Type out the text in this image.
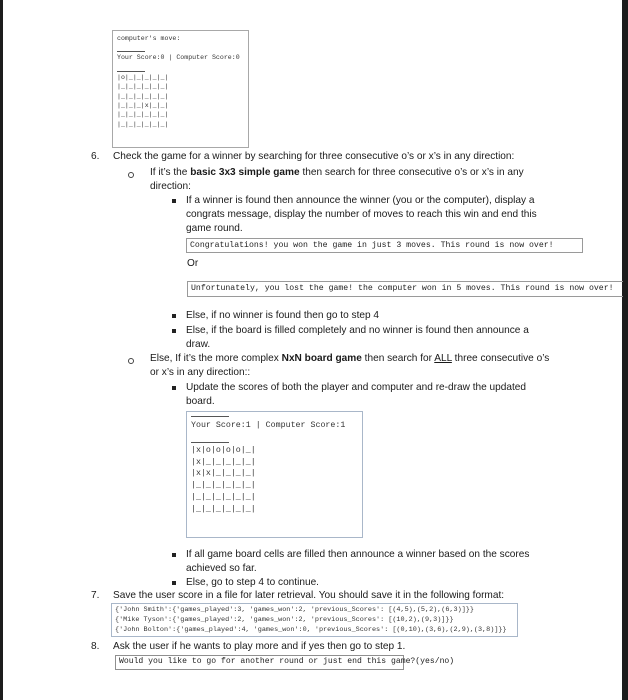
computer's move:
Your Score:0 | Computer Score:0
|o|_|_|_|_|_|
|_|_|_|_|_|_|
|_|_|_|_|_|_|
|_|_|_|x|_|_|
|_|_|_|_|_|_|
|_|_|_|_|_|_|
6. Check the game for a winner by searching for three consecutive o’s or x’s in any direction:
If it’s the basic 3x3 simple game then search for three consecutive o’s or x’s in any
direction:
If a winner is found then announce the winner (you or the computer), display a
congrats message, display the number of moves to reach this win and end this
game round.
Congratulations! you won the game in just 3 moves. This round is now over!
Or
Unfortunately, you lost the game! the computer won in 5 moves. This round is now over!
Else, if no winner is found then go to step 4
Else, if the board is filled completely and no winner is found then announce a
draw.
Else, If it’s the more complex NxN board game then search for ALL three consecutive o’s
or x’s in any direction::
Update the scores of both the player and computer and re-draw the updated
board.
Your Score:1 | Computer Score:1
|x|o|o|o|o|_|
|x|_|_|_|_|_|
|x|x|_|_|_|_|
|_|_|_|_|_|_|
|_|_|_|_|_|_|
|_|_|_|_|_|_|
If all game board cells are filled then announce a winner based on the scores
achieved so far.
Else, go to step 4 to continue.
7. Save the user score in a file for later retrieval. You should save it in the following format:
{'John Smith':{'games_played':3, 'games_won':2, 'previous_Scores': [(4,5),(5,2),(6,3)]}}
{'Mike Tyson':{'games_played':2, 'games_won':2, 'previous_Scores': [(10,2),(9,3)]}}
{'John Bolton':{'games_played':4, 'games_won':0, 'previous_Scores': [(0,10),(3,6),(2,9),(3,8)]}}
8. Ask the user if he wants to play more and if yes then go to step 1.
Would you like to go for another round or just end this game?(yes/no)
